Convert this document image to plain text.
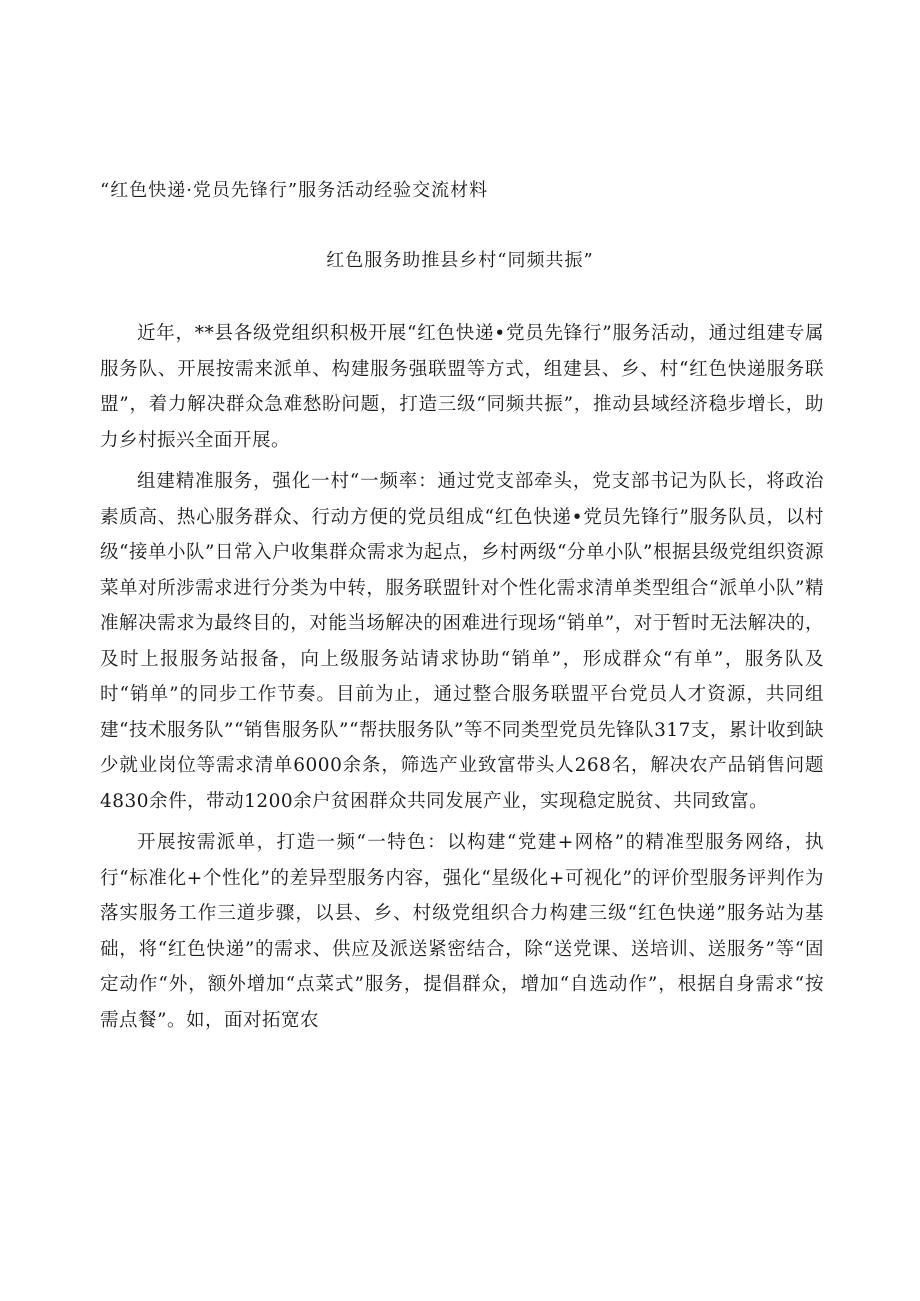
“红色快递·党员先锋行”服务活动经验交流材料
红色服务助推县乡村“同频共振”

近年，**县各级党组织积极开展“红色快递•党员先锋行”服务活动，通过组建专属服务队、开展按需来派单、构建服务强联盟等方式，组建县、乡、村“红色快递服务联盟”，着力解决群众急难愁盼问题，打造三级“同频共振”，推动县域经济稳步增长，助力乡村振兴全面开展。

组建精准服务，强化一村“一频率：通过党支部牵头，党支部书记为队长，将政治素质高、热心服务群众、行动方便的党员组成“红色快递•党员先锋行”服务队员，以村级“接单小队”日常入户收集群众需求为起点，乡村两级“分单小队”根据县级党组织资源菜单对所涉需求进行分类为中转，服务联盟针对个性化需求清单类型组合“派单小队”精准解决需求为最终目的，对能当场解决的困难进行现场“销单”，对于暂时无法解决的，及时上报服务站报备，向上级服务站请求协助“销单”，形成群众“有单”，服务队及时“销单”的同步工作节奏。目前为止，通过整合服务联盟平台党员人才资源，共同组建“技术服务队”“销售服务队”“帮扶服务队”等不同类型党员先锋队317支，累计收到缺少就业岗位等需求清单6000余条，筛选产业致富带头人268名，解决农产品销售问题4830余件，带动1200余户贫困群众共同发展产业，实现稳定脱贫、共同致富。

开展按需派单，打造一频“一特色：以构建“党建+网格”的精准型服务网络，执行“标准化+个性化”的差异型服务内容，强化“星级化+可视化”的评价型服务评判作为落实服务工作三道步骤，以县、乡、村级党组织合力构建三级“红色快递”服务站为基础，将“红色快递”的需求、供应及派送紧密结合，除“送党课、送培训、送服务”等“固定动作“外，额外增加“点菜式”服务，提倡群众，增加“自选动作”，根据自身需求“按需点餐”。如，面对拓宽农
